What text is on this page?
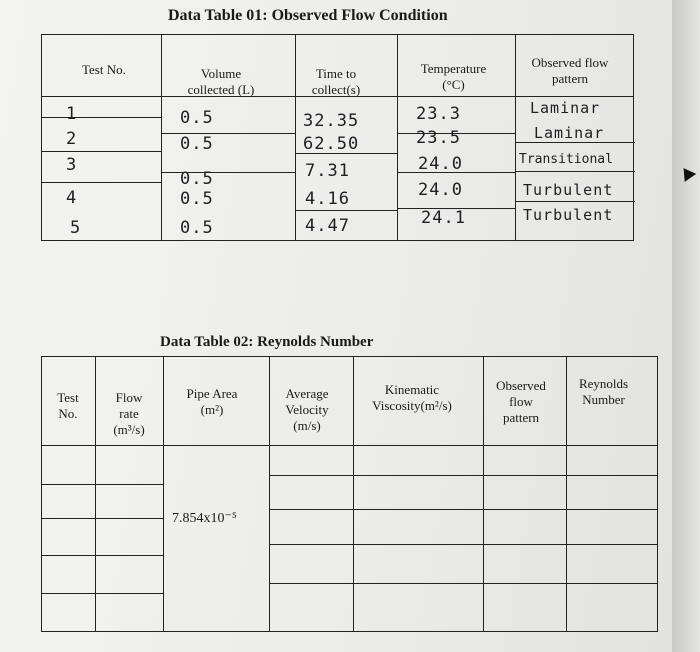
Data Table 01: Observed Flow Condition
Test No.	Volume
collected (L)
Time to
collect(s)
Temperature
(°C)
Observed flow
pattern
1
2
3
4
5
0.5
0.5
0.5
0.5
0.5
32.35
62.50
7.31
4.16
4.47
23.3
23.5
24.0
24.0
24.1
Laminar
Laminar
Transitional
Turbulent
Turbulent
Data Table 02: Reynolds Number
Test
No.
Flow
rate
(m³/s)
Pipe Area
(m²)
Average
Velocity
(m/s)
Kinematic
Viscosity(m²/s)
Observed
flow
pattern
Reynolds
Number
7.854x10⁻⁵
